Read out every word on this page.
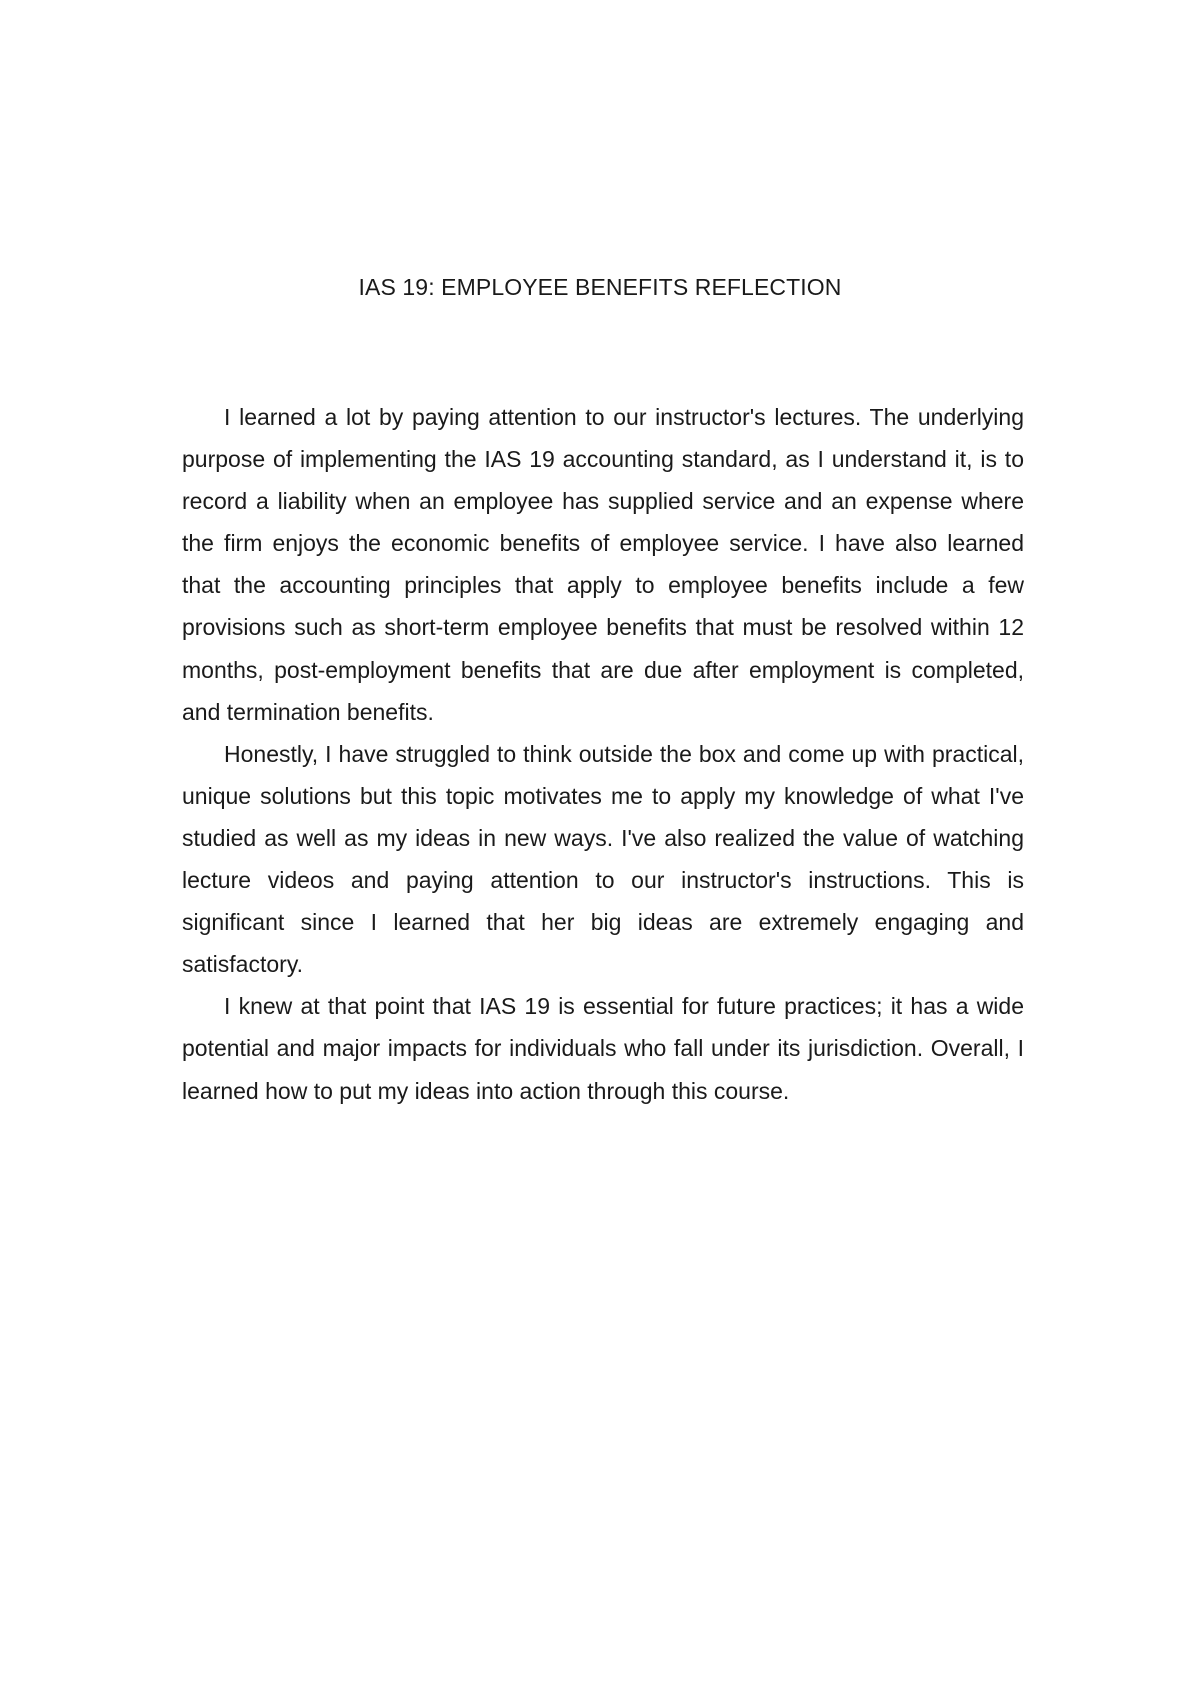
IAS 19: EMPLOYEE BENEFITS REFLECTION

I learned a lot by paying attention to our instructor's lectures. The underlying purpose of implementing the IAS 19 accounting standard, as I understand it, is to record a liability when an employee has supplied service and an expense where the firm enjoys the economic benefits of employee service. I have also learned that the accounting principles that apply to employee benefits include a few provisions such as short-term employee benefits that must be resolved within 12 months, post-employment benefits that are due after employment is completed, and termination benefits.

Honestly, I have struggled to think outside the box and come up with practical, unique solutions but this topic motivates me to apply my knowledge of what I've studied as well as my ideas in new ways. I've also realized the value of watching lecture videos and paying attention to our instructor's instructions. This is significant since I learned that her big ideas are extremely engaging and satisfactory.

I knew at that point that IAS 19 is essential for future practices; it has a wide potential and major impacts for individuals who fall under its jurisdiction. Overall, I learned how to put my ideas into action through this course.
